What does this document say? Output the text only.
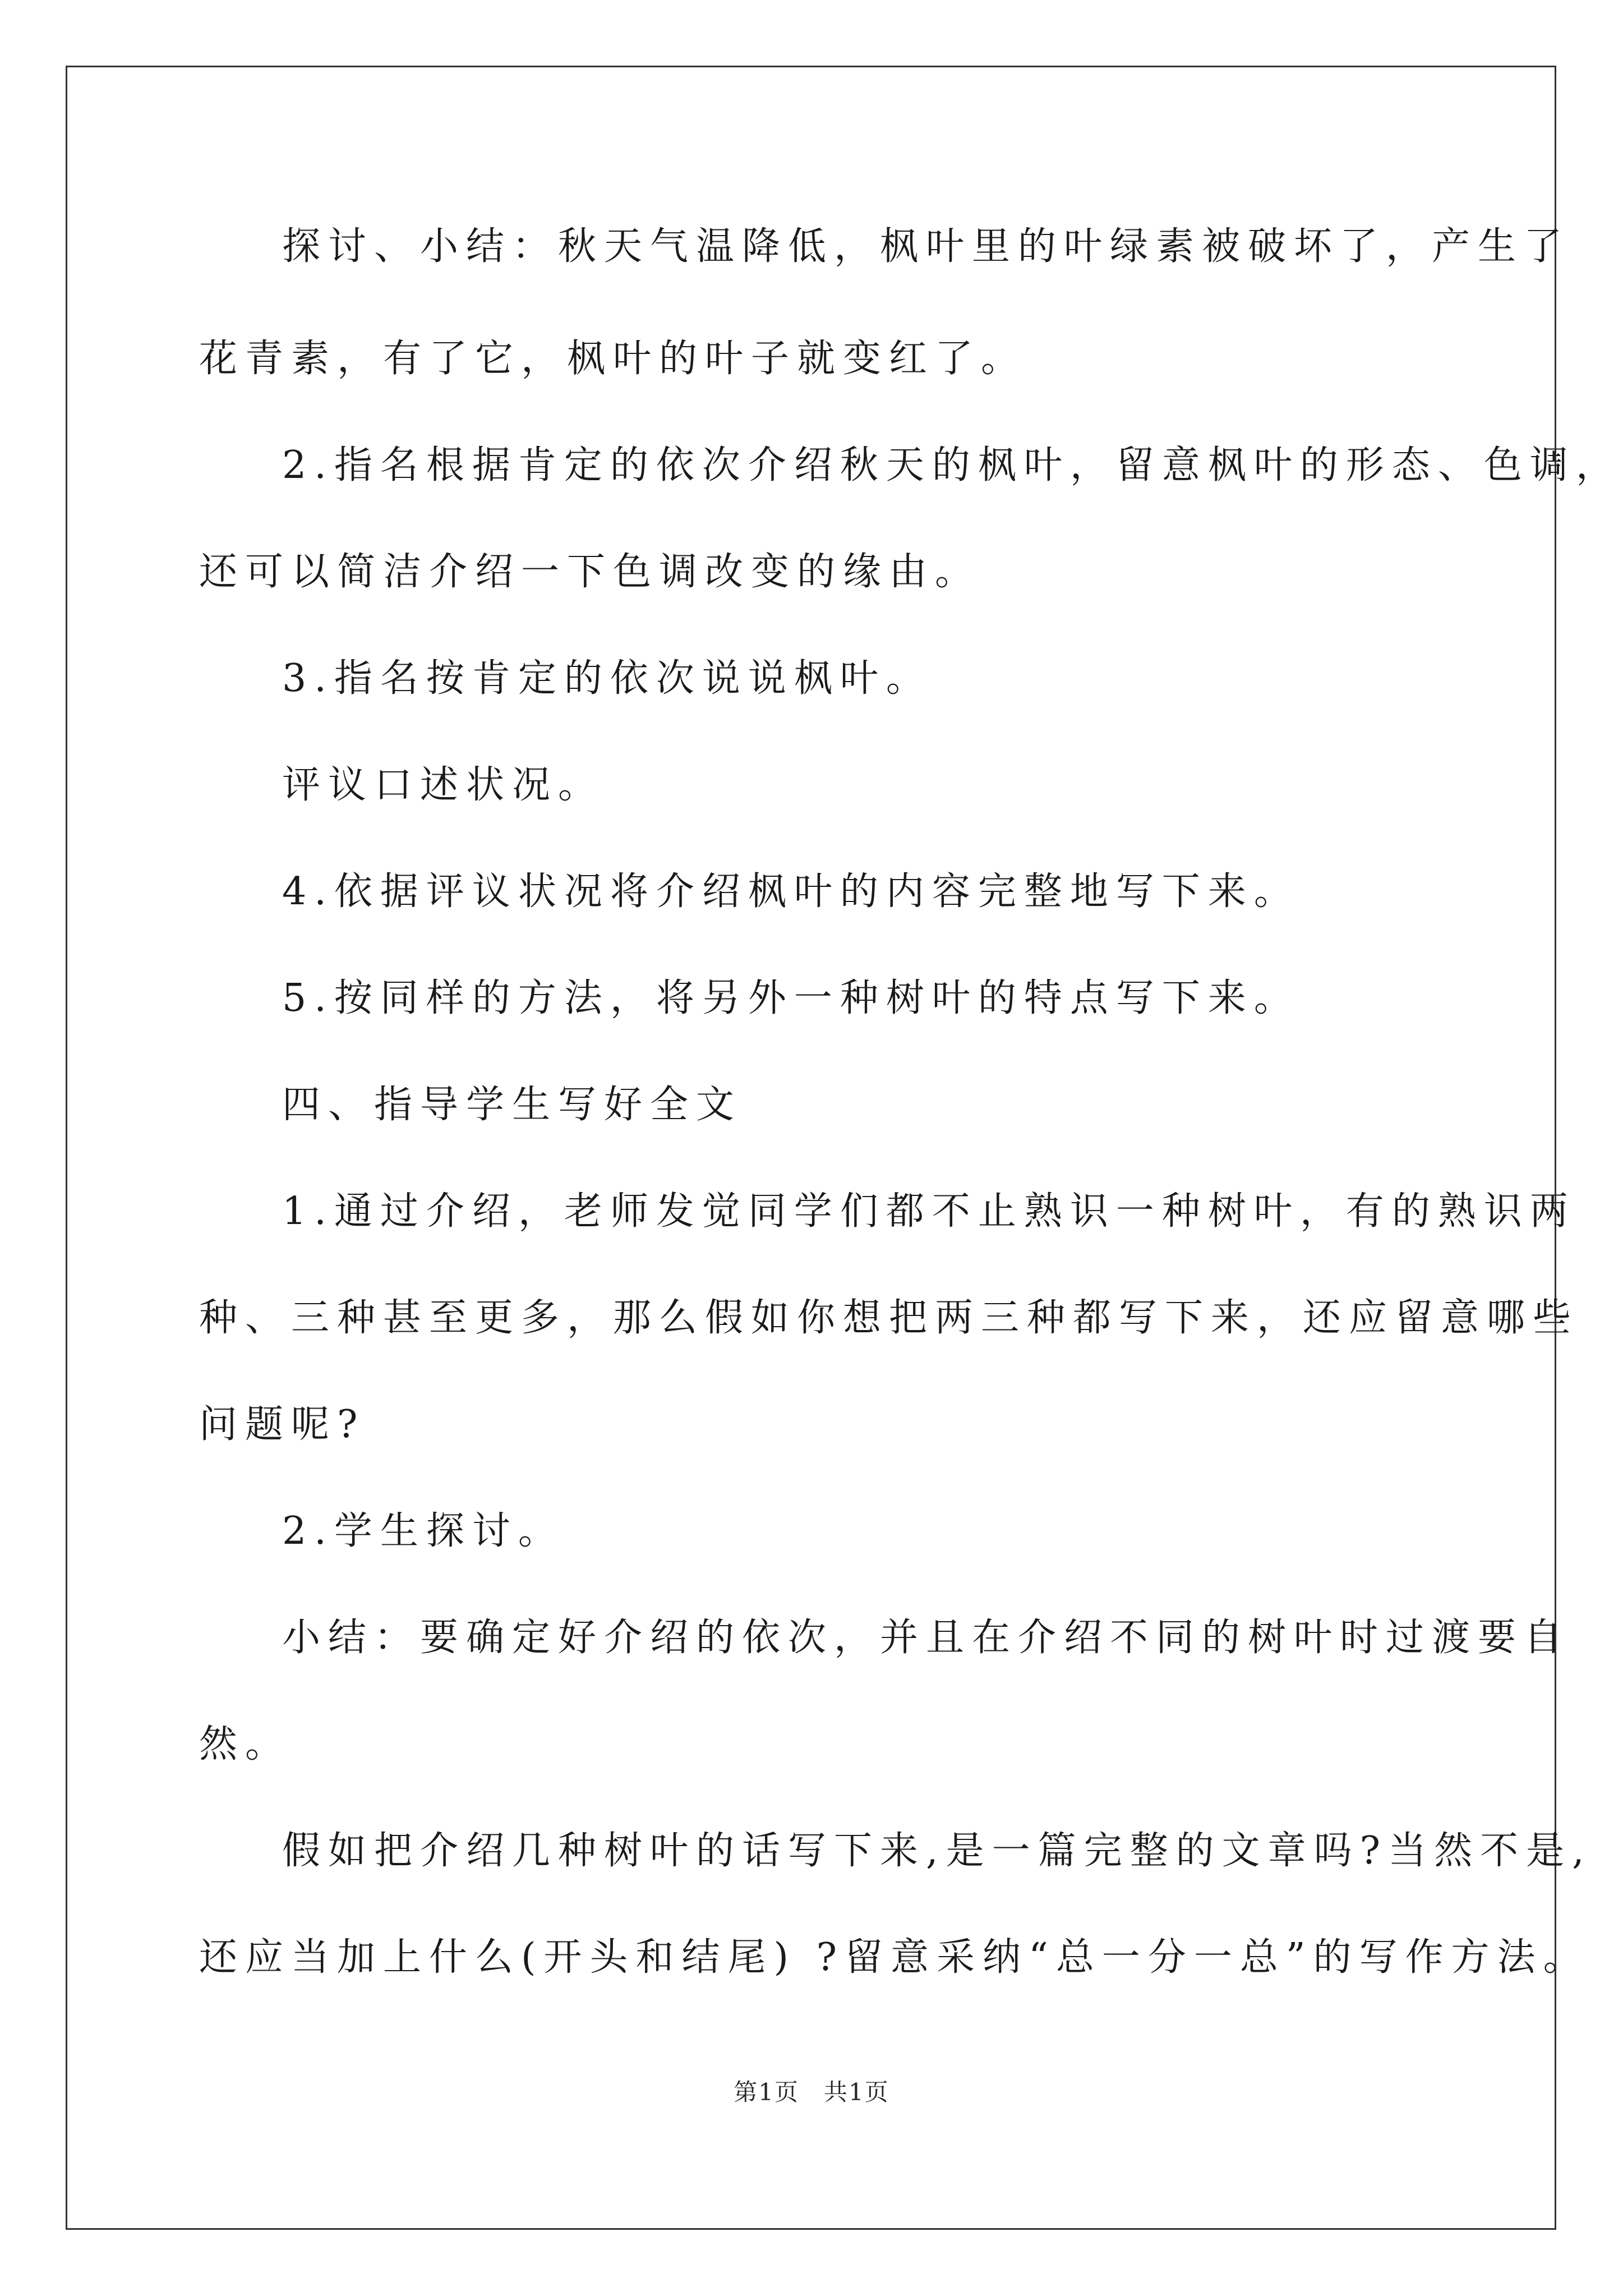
探讨、小结：秋天气温降低，枫叶里的叶绿素被破坏了，产生了
花青素，有了它，枫叶的叶子就变红了。
2.指名根据肯定的依次介绍秋天的枫叶，留意枫叶的形态、色调，
还可以简洁介绍一下色调改变的缘由。
3.指名按肯定的依次说说枫叶。
评议口述状况。
4.依据评议状况将介绍枫叶的内容完整地写下来。
5.按同样的方法，将另外一种树叶的特点写下来。
四、指导学生写好全文
1.通过介绍，老师发觉同学们都不止熟识一种树叶，有的熟识两
种、三种甚至更多，那么假如你想把两三种都写下来，还应留意哪些
问题呢?
2.学生探讨。
小结：要确定好介绍的依次，并且在介绍不同的树叶时过渡要自
然。
假如把介绍几种树叶的话写下来,是一篇完整的文章吗?当然不是,
还应当加上什么(开头和结尾) ?留意采纳“总一分一总”的写作方法。
第1页　共1页
